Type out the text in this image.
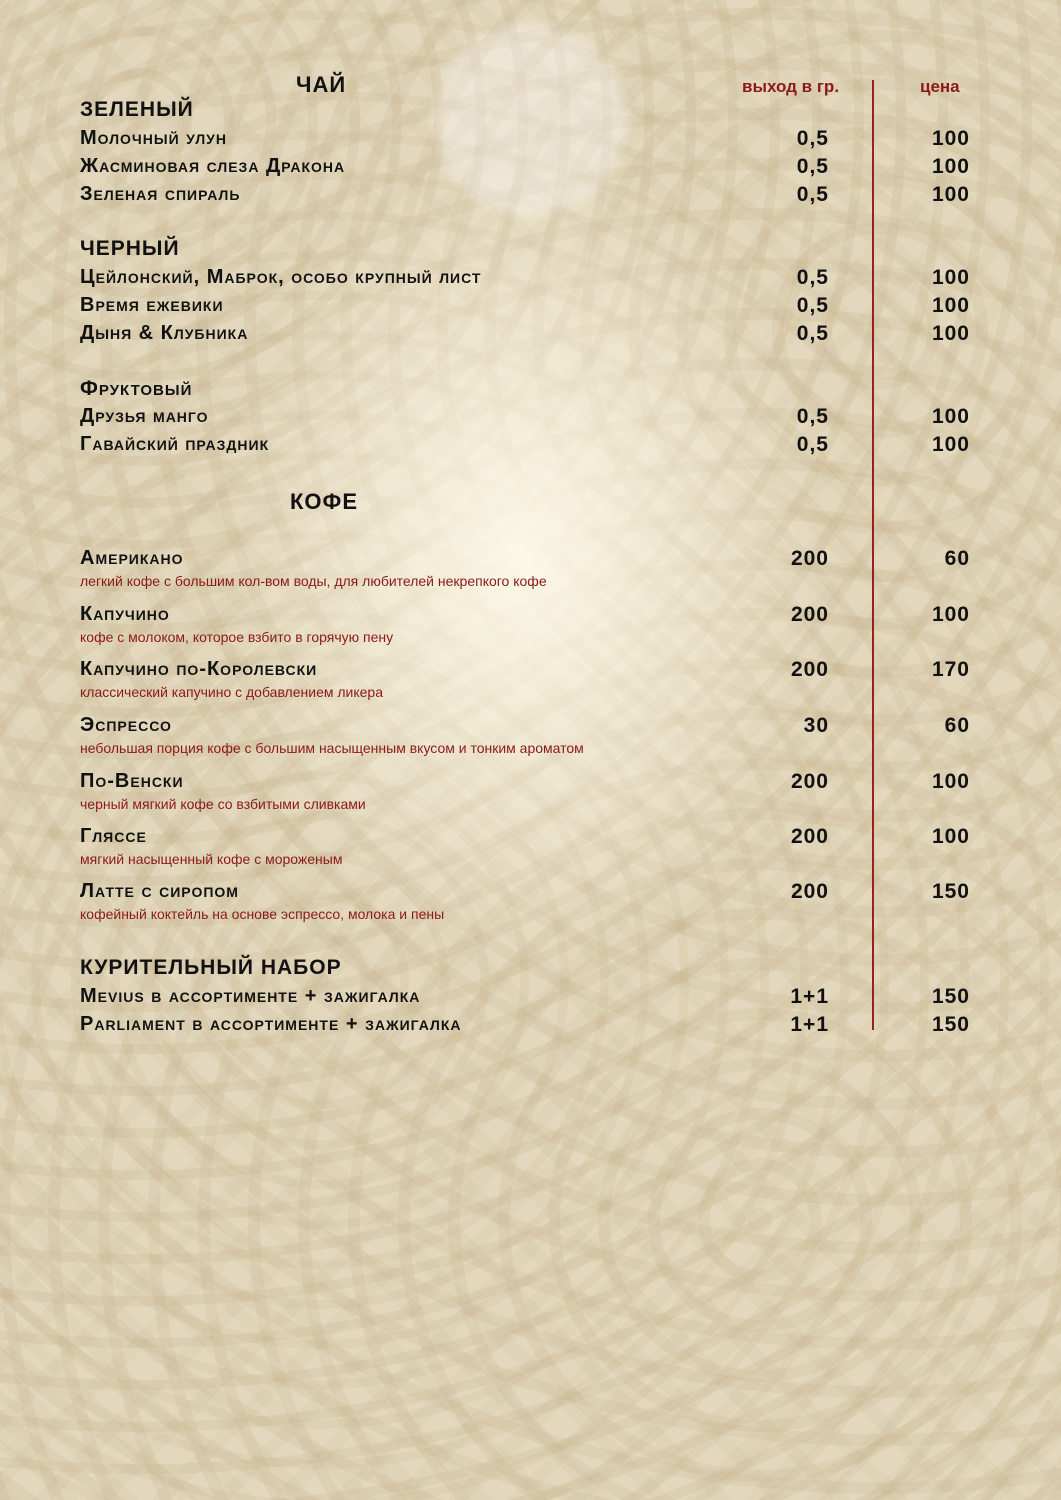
выход в гр.	цена
ЧАЙ
ЗЕЛЕНЫЙ
Молочный улун	0,5	100
Жасминовая слеза Дракона	0,5	100
Зеленая спираль	0,5	100
ЧЕРНЫЙ
Цейлонский, Маброк, особо крупный лист	0,5	100
Время ежевики	0,5	100
Дыня & Клубника	0,5	100
Фруктовый
Друзья манго	0,5	100
Гавайский праздник	0,5	100
КОФЕ
Американо
легкий кофе с большим кол-вом воды, для любителей некрепкого кофе
200	60
Капучино
кофе с молоком, которое взбито в горячую пену
200	100
Капучино по-Королевски
классический капучино с добавлением ликера
200	170
Эспрессо
небольшая порция кофе с большим насыщенным вкусом и тонким ароматом
30	60
По-Венски
черный мягкий кофе со взбитыми сливками
200	100
Гляссе
мягкий насыщенный кофе с мороженым
200	100
Латте с сиропом
кофейный коктейль на основе эспрессо, молока и пены
200	150
КУРИТЕЛЬНЫЙ НАБОР
Mevius в ассортименте + зажигалка	1+1	150
Parliament в ассортименте + зажигалка	1+1	150
